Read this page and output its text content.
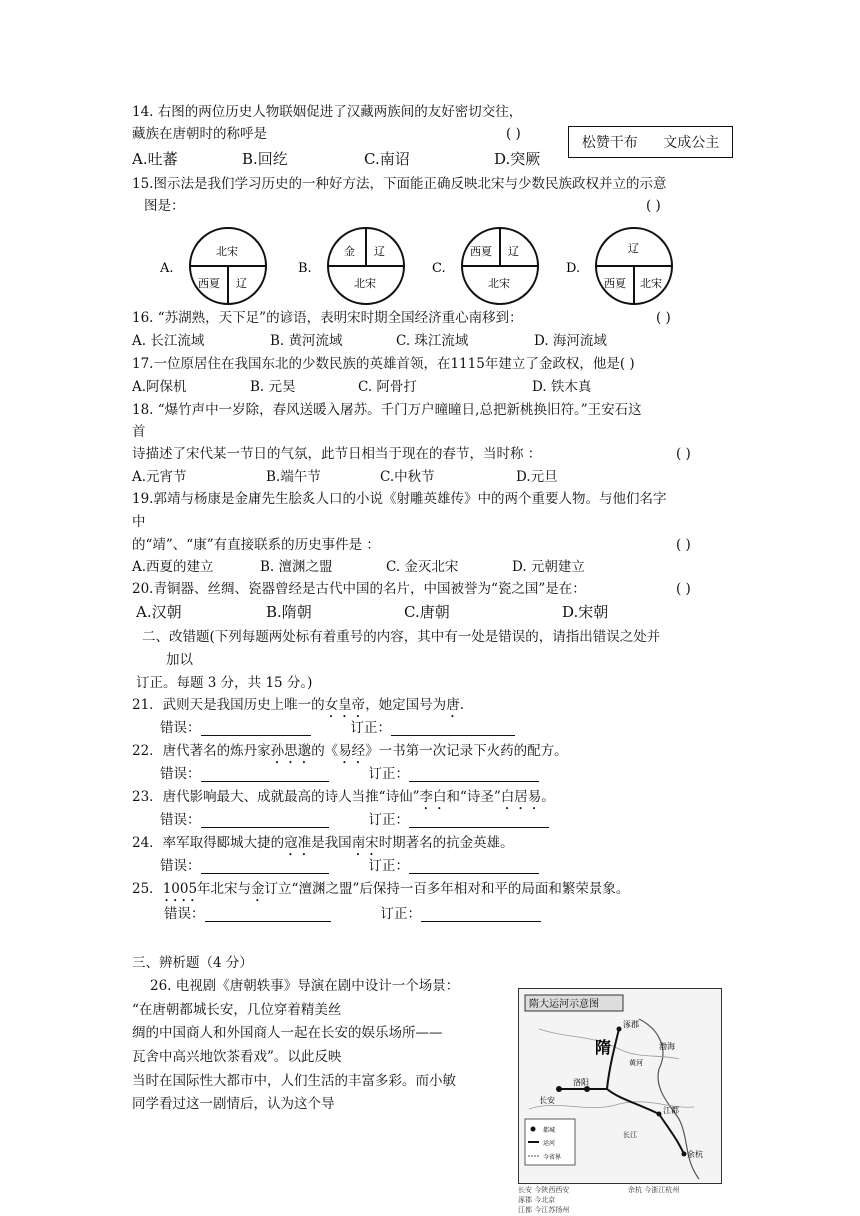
14. 右图的两位历史人物联姻促进了汉藏两族间的友好密切交往，
藏族在唐朝时的称呼是	( )
松赞干布 文成公主
A.吐蕃	B.回纥	C.南诏	D.突厥
15.图示法是我们学习历史的一种好方法，下面能正确反映北宋与少数民族政权并立的示意
图是：	( )
A.
北宋
西夏 辽
B.
金 辽
北宋
C.
西夏 辽
北宋
D.
辽
西夏 北宋
16. “苏湖熟，天下足”的谚语，表明宋时期全国经济重心南移到：	( )
A. 长江流域	B. 黄河流域	C. 珠江流域	D. 海河流域
17.一位原居住在我国东北的少数民族的英雄首领，在1115年建立了金政权，他是( )
A.阿保机	B. 元昊	C. 阿骨打	D. 铁木真
18. “爆竹声中一岁除，春风送暖入屠苏。千门万户曈曈日,总把新桃换旧符。”王安石这
首
诗描述了宋代某一节日的气氛，此节日相当于现在的春节，当时称 ：	( )
A.元宵节	B.端午节	C.中秋节	D.元旦
19.郭靖与杨康是金庸先生脍炙人口的小说《射雕英雄传》中的两个重要人物。与他们名字
中
的“靖”、“康”有直接联系的历史事件是 ：	( )
A.西夏的建立	B. 澶渊之盟	C. 金灭北宋	D. 元朝建立
20.青铜器、丝绸、瓷器曾经是古代中国的名片，中国被誉为“瓷之国”是在：	( )
A.汉朝	B.隋朝	C.唐朝	D.宋朝
二、改错题(下列每题两处标有着重号的内容，其中有一处是错误的，请指出错误之处并
加以
订正。每题 3 分，共 15 分。)
21．武则天是我国历史上唯一的女皇帝，她定国号为唐.
错误：	订正：
22．唐代著名的炼丹家孙思邈的《易经》一书第一次记录下火药的配方。
错误：	订正：
23．唐代影响最大、成就最高的诗人当推“诗仙”李白和“诗圣”白居易。
错误：	订正：
24．率军取得郾城大捷的寇准是我国南宋时期著名的抗金英雄。
错误：	订正：
25．1005年北宋与金订立“澶渊之盟”后保持一百多年相对和平的局面和繁荣景象。
错误：	订正：
三、辨析题（4 分）
26. 电视剧《唐朝轶事》导演在剧中设计一个场景：
“在唐朝都城长安，几位穿着精美丝
绸的中国商人和外国商人一起在长安的娱乐场所——
瓦舍中高兴地饮茶看戏”。以此反映
当时在国际性大都市中，人们生活的丰富多彩。而小敏
同学看过这一剧情后，认为这个导
隋大运河示意图
隋
长安
洛阳
涿郡
江都
余杭
渤海
黄河
长江
都城
运河
今省界
长安 今陕西西安
涿郡 今北京
江都 今江苏扬州
余杭 今浙江杭州
